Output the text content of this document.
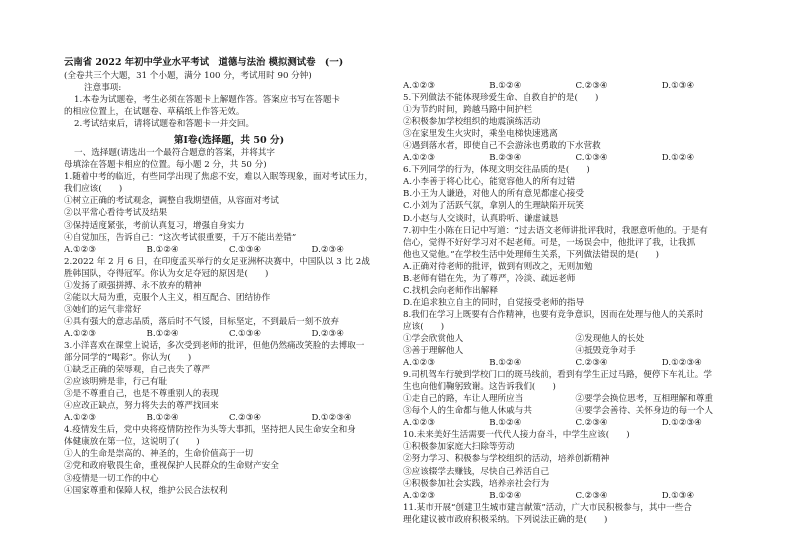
云南省 2022 年初中学业水平考试　道德与法治 模拟测试卷　(一)
(全卷共三个大题，31 个小题，满分 100 分，考试用时 90 分钟)
注意事项:
1.本卷为试题卷，考生必须在答题卡上解题作答。答案应书写在答题卡
的相应位置上，在试题卷、草稿纸上作答无效。
2.考试结束后，请将试题卷和答题卡一并交回。
第Ⅰ卷(选择题，共 50 分)
一、选择题(请选出一个最符合题意的答案，并将其字
母填涂在答题卡相应的位置。每小题 2 分，共 50 分)
1.随着中考的临近，有些同学出现了焦虑不安，难以入眠等现象，面对考试压力，
我们应该(　　)
①树立正确的考试观念，调整自我期望值，从容面对考试
②以平常心看待考试及结果
③保持适度紧张，考前认真复习，增强自身实力
④自觉加压，告诉自己：“这次考试很重要，千万不能出差错”
A.①②③	B.①②④	C.①③④	D.②③④
2.2022 年 2 月 6 日，在印度孟买举行的女足亚洲杯决赛中，中国队以 3 比 2战
胜韩国队，夺得冠军。你认为女足夺冠的原因是(　　)
①发扬了顽强拼搏、永不放弃的精神
②能以大局为重，克服个人主义，相互配合、团结协作
③她们的运气非常好
④具有强大的意志品质，落后时不气馁，目标坚定，不到最后一刻不放弃
A.①②③	B.①②④	C.①③④	D.②③④
3.小洋喜欢在课堂上说话，多次受到老师的批评，但他仍然痛改笑脸的去博取一
部分同学的“喝彩”。你认为(　　)
①缺乏正确的荣辱观，自己丧失了尊严
②应该明辨是非，行己有耻
③是不尊重自己，也是不尊重别人的表现
④应改正缺点，努力将失去的尊严找回来
A.①②③	B.①②④	C.②③④	D.①②③④
4.疫情发生后，党中央将疫情防控作为头等大事抓，坚持把人民生命安全和身
体健康放在第一位，这说明了(　　)
①人的生命是崇高的、神圣的，生命价值高于一切
②党和政府敬畏生命，重视保护人民群众的生命财产安全
③疫情是一切工作的中心
④国家尊重和保障人权，维护公民合法权利
A.①②③	B.①②④	C.②③④	D.①③④
5.下列做法不能体现珍爱生命、自救自护的是(　　)
①为节约时间，跨越马路中间护栏
②积极参加学校组织的地震演练活动
③在家里发生火灾时，乘坐电梯快速逃离
④遇到落水者，即使自己不会游泳也勇敢的下水营救
A.①②③	B.②③④	C.①③④	D.①②④
6.下列同学的行为，体现文明交往品质的是(　　)
A.小李善于将心比心，能宽容他人的所有过错
B.小王为人谦逊，对他人的所有意见都虚心接受
C.小刘为了活跃气氛，拿别人的生理缺陷开玩笑
D.小赵与人交谈时，认真聆听、谦虚诚恳
7.初中生小陈在日记中写道：“过去语文老师讲批评我时，我愿意听他的。于是有
信心，觉得不好好学习对不起老师。可是，一场误会中，他批评了我，让我抓
他也又觉他。”在学校生活中处理师生关系，下列做法错误的是(　　)
A.正确对待老师的批评，做到有则改之，无则加勉
B.老师有错在先，为了尊严，冷淡、疏远老师
C.找机会向老师作出解释
D.在追求独立自主的同时，自觉接受老师的指导
8.我们在学习上既要有合作精神，也要有竞争意识，因而在处理与他人的关系时
应该(　　)
①学会欣赏他人	②发现他人的长处
③善于理解他人	④抵毁竞争对手
A.①②③	B.①②④	C.②③④	D.①②③④
9.司机驾车行驶到学校门口的斑马线前，看到有学生正过马路，便停下车礼让。学
生也向他们鞠躬致谢。这告诉我们(　　)
①走自己的路，车让人理所应当	②要学会换位思考，互相理解和尊重
③每个人的生命都与他人休戚与共	④要学会善待、关怀身边的每一个人
A.①②③	B.①②④	C.②③④	D.①②③④
10.未来美好生活需要一代代人接力奋斗，中学生应该(　　)
①积极参加家庭大扫除等劳动
②努力学习、积极参与学校组织的活动，培养创新精神
③应该辍学去赚钱，尽快自己养活自己
④积极参加社会实践，培养亲社会行为
A.①②③	B.①②④	C.②③④	D.①③④
11.某市开展“创建卫生城市建言献策”活动，广大市民积极参与，其中一些合
理化建议被市政府积极采纳。下列说法正确的是(　　)
